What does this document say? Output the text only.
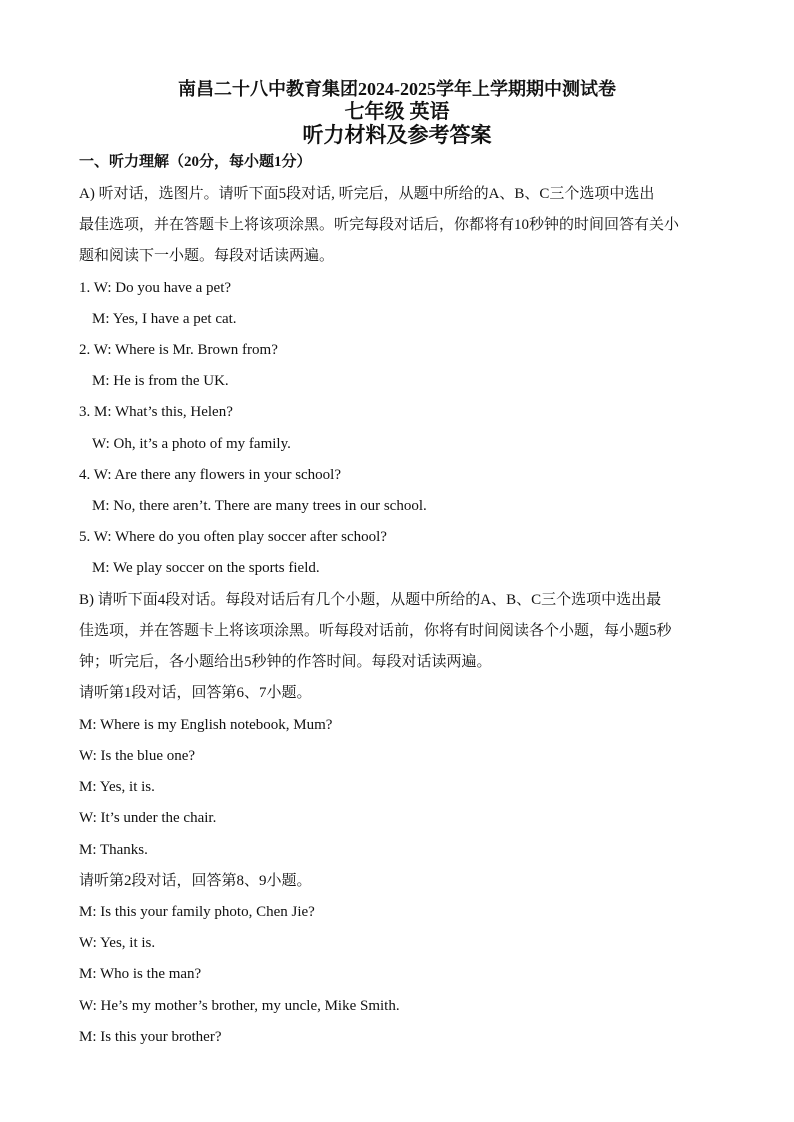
南昌二十八中教育集团2024-2025学年上学期期中测试卷
七年级 英语
听力材料及参考答案
一、听力理解（20分，每小题1分）
A) 听对话，选图片。请听下面5段对话, 听完后，从题中所给的A、B、C三个选项中选出
最佳选项，并在答题卡上将该项涂黑。听完每段对话后，你都将有10秒钟的时间回答有关小
题和阅读下一小题。每段对话读两遍。
1. W: Do you have a pet?
M: Yes, I have a pet cat.
2. W: Where is Mr. Brown from?
M: He is from the UK.
3. M: What’s this, Helen?
W: Oh, it’s a photo of my family.
4. W: Are there any flowers in your school?
M: No, there aren’t. There are many trees in our school.
5. W: Where do you often play soccer after school?
M: We play soccer on the sports field.
B) 请听下面4段对话。每段对话后有几个小题，从题中所给的A、B、C三个选项中选出最
佳选项，并在答题卡上将该项涂黑。听每段对话前，你将有时间阅读各个小题，每小题5秒
钟；听完后，各小题给出5秒钟的作答时间。每段对话读两遍。
请听第1段对话，回答第6、7小题。
M: Where is my English notebook, Mum?
W: Is the blue one?
M: Yes, it is.
W: It’s under the chair.
M: Thanks.
请听第2段对话，回答第8、9小题。
M: Is this your family photo, Chen Jie?
W: Yes, it is.
M: Who is the man?
W: He’s my mother’s brother, my uncle, Mike Smith.
M: Is this your brother?
